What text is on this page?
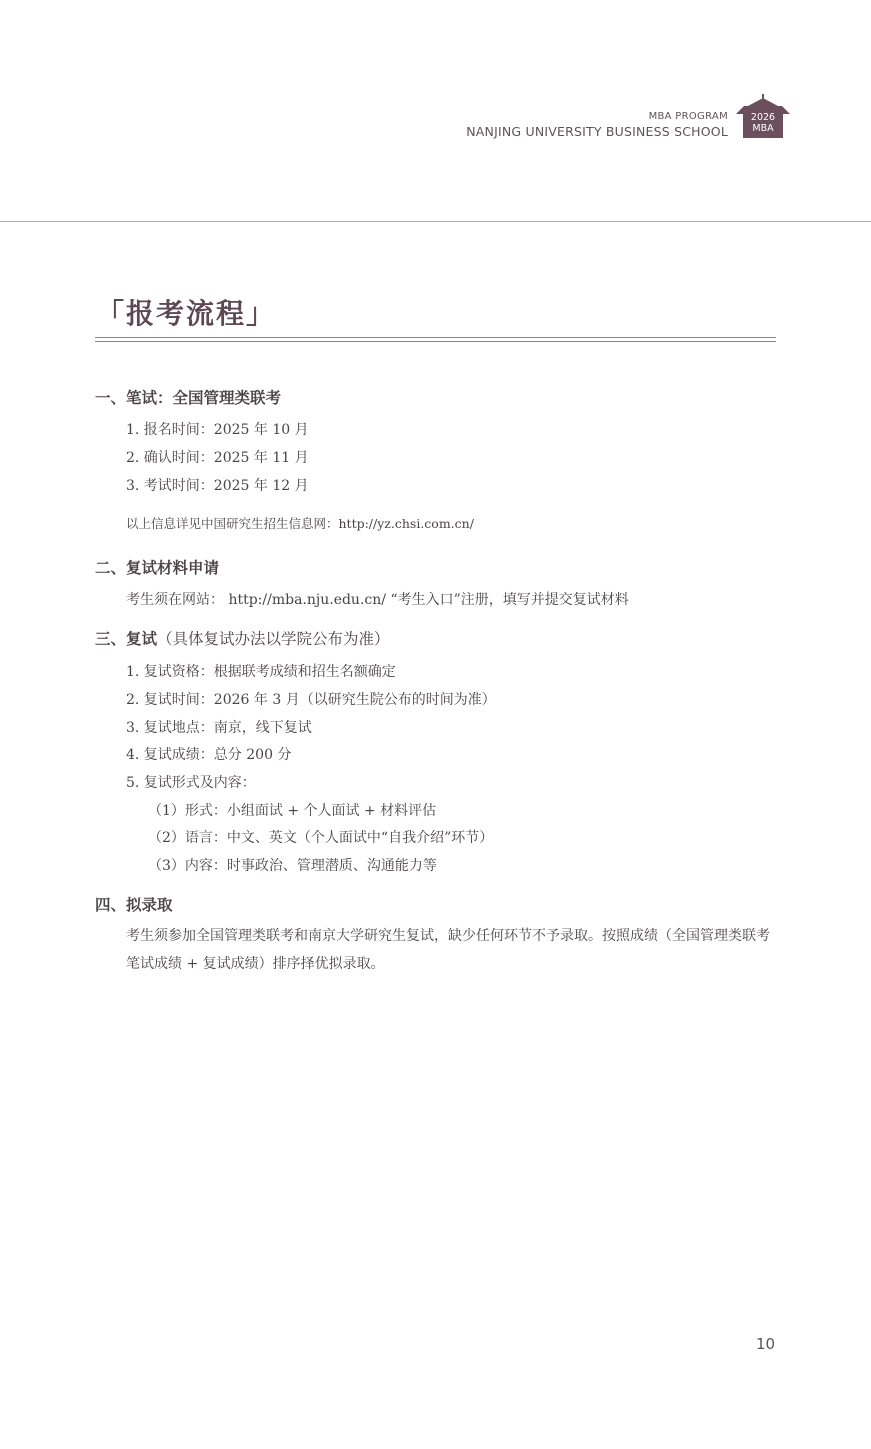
MBA PROGRAM
NANJING UNIVERSITY BUSINESS SCHOOL
2026
MBA
「报考流程」
一、笔试：全国管理类联考
1. 报名时间：2025 年 10 月
2. 确认时间：2025 年 11 月
3. 考试时间：2025 年 12 月
以上信息详见中国研究生招生信息网：http://yz.chsi.com.cn/
二、复试材料申请
考生须在网站： http://mba.nju.edu.cn/ “考生入口”注册，填写并提交复试材料
三、复试（具体复试办法以学院公布为准）
1. 复试资格：根据联考成绩和招生名额确定
2. 复试时间：2026 年 3 月（以研究生院公布的时间为准）
3. 复试地点：南京，线下复试
4. 复试成绩：总分 200 分
5. 复试形式及内容：
（1）形式：小组面试 + 个人面试 + 材料评估
（2）语言：中文、英文（个人面试中“自我介绍”环节）
（3）内容：时事政治、管理潜质、沟通能力等
四、拟录取
考生须参加全国管理类联考和南京大学研究生复试，缺少任何环节不予录取。按照成绩（全国管理类联考笔试成绩 + 复试成绩）排序择优拟录取。
10
